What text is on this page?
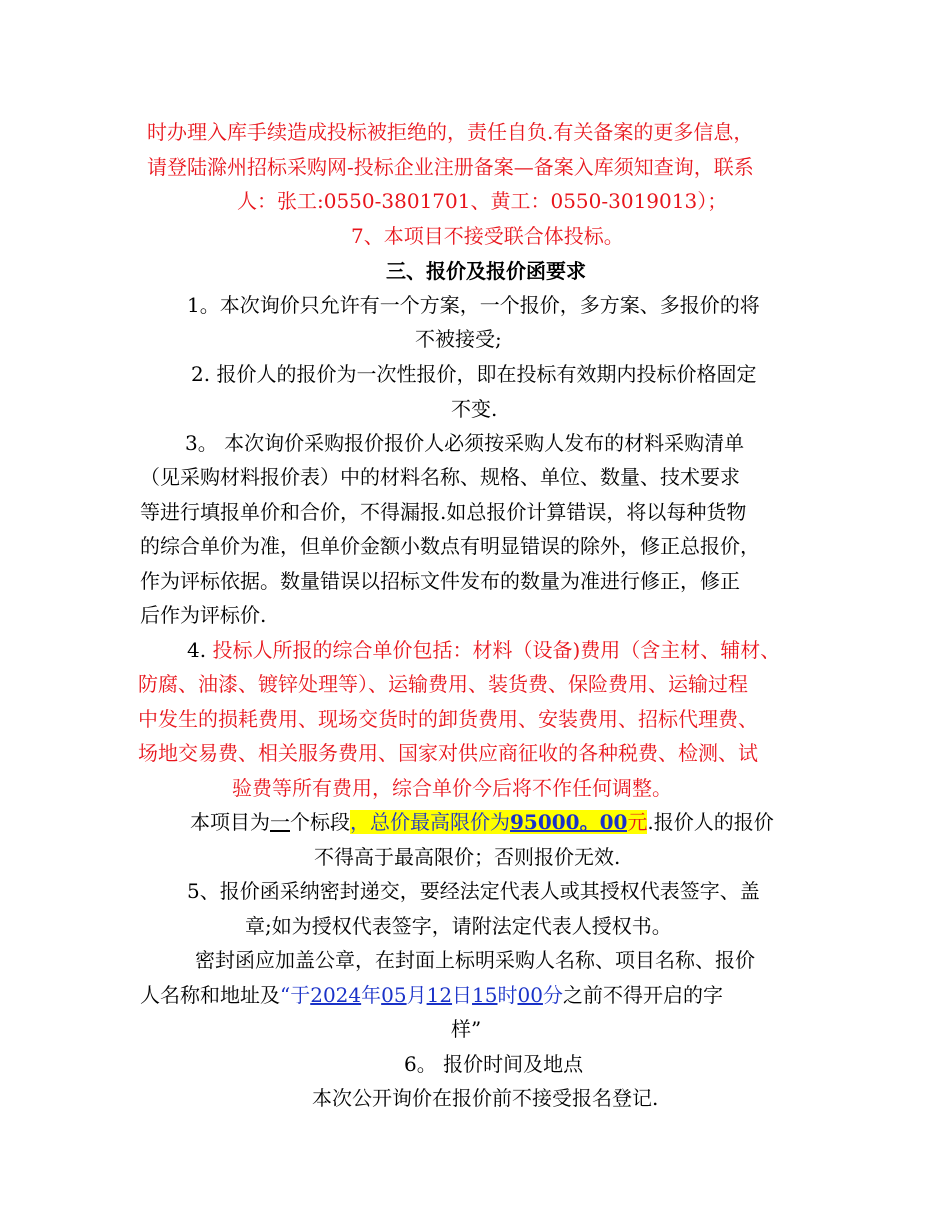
时办理入库手续造成投标被拒绝的，责任自负.有关备案的更多信息，
请登陆滁州招标采购网-投标企业注册备案—备案入库须知查询，联系
人：张工:0550-3801701、黄工：0550-3019013）；
7、本项目不接受联合体投标。
三、报价及报价函要求
1。本次询价只允许有一个方案，一个报价，多方案、多报价的将
不被接受;
2. 报价人的报价为一次性报价，即在投标有效期内投标价格固定
不变.
3。 本次询价采购报价报价人必须按采购人发布的材料采购清单
（见采购材料报价表）中的材料名称、规格、单位、数量、技术要求
等进行填报单价和合价，不得漏报.如总报价计算错误，将以每种货物
的综合单价为准，但单价金额小数点有明显错误的除外，修正总报价，
作为评标依据。数量错误以招标文件发布的数量为准进行修正，修正
后作为评标价.
4. 投标人所报的综合单价包括：材料（设备)费用（含主材、辅材、
防腐、油漆、镀锌处理等）、运输费用、装货费、保险费用、运输过程
中发生的损耗费用、现场交货时的卸货费用、安装费用、招标代理费、
场地交易费、相关服务费用、国家对供应商征收的各种税费、检测、试
验费等所有费用，综合单价今后将不作任何调整。
本项目为一个标段，总价最高限价为95000。00元.报价人的报价
不得高于最高限价；否则报价无效.
5、报价函采纳密封递交，要经法定代表人或其授权代表签字、盖
章;如为授权代表签字，请附法定代表人授权书。
密封函应加盖公章，在封面上标明采购人名称、项目名称、报价
人名称和地址及“于2024年05月12日15时00分之前不得开启的字
样”
6。 报价时间及地点
本次公开询价在报价前不接受报名登记.
